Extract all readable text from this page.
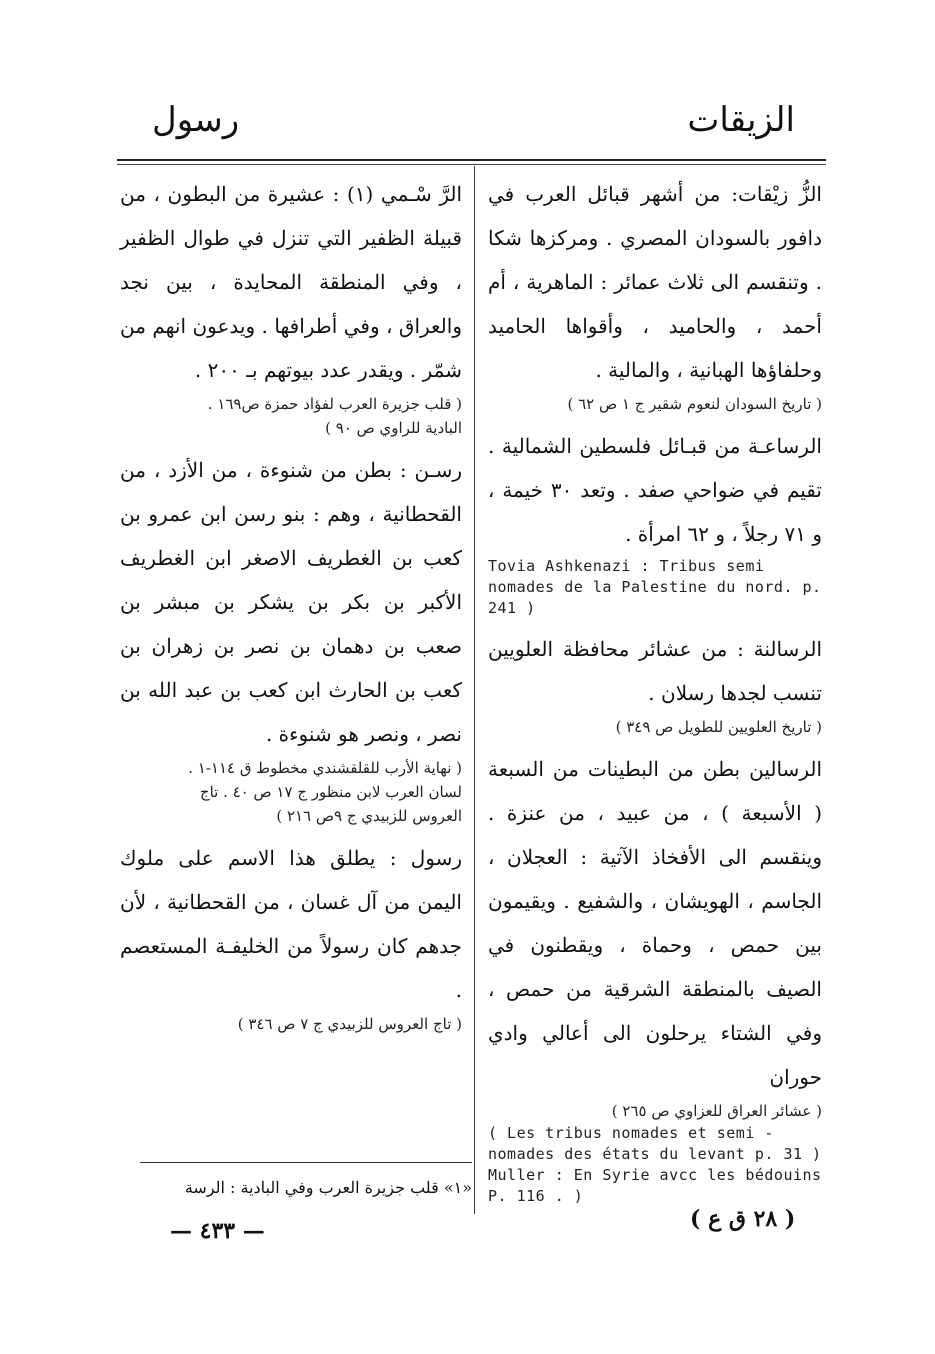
الزيقات
رسول
الزُّ زيْقات: من أشهر قبائل العرب في دافور بالسودان المصري . ومركزها شكا . وتنقسم الى ثلاث عمائر : الماهرية ، أم أحمد ، والحاميد ، وأقواها الحاميد وحلفاؤها الهبانية ، والمالية .
( تاريخ السودان لنعوم شقير ج ١ ص ٦٢ )
الرساعـة من قبـائل فلسطين الشمالية . تقيم في ضواحي صفد . وتعد ٣٠ خيمة ، و ٧١ رجلاً ، و ٦٢ امرأة .
Tovia Ashkenazi : Tribus semi nomades de la Palestine du nord. p. 241 )
الرسالنة : من عشائر محافظة العلويين تنسب لجدها رسلان .
( تاريخ العلويين للطويل ص ٣٤٩ )
الرسالين بطن من البطينات من السبعة ( الأسبعة ) ، من عبيد ، من عنزة . وينقسم الى الأفخاذ الآتية : العجلان ، الجاسم ، الهويشان ، والشفيع . ويقيمون بين حمص ، وحماة ، ويقطنون في الصيف بالمنطقة الشرقية من حمص ، وفي الشتاء يرحلون الى أعالي وادي حوران
( عشائر العراق للعزاوي ص ٢٦٥ )
( Les tribus nomades et semi - nomades des états du levant p. 31 )
Muller : En Syrie avcc les bédouins P. 116 . )
الرَّ سْـمي (١) : عشيرة من البطون ، من قبيلة الظفير التي تنزل في طوال الظفير ، وفي المنطقة المحايدة ، بين نجد والعراق ، وفي أطرافها . ويدعون انهم من شمّر . ويقدر عدد بيوتهم بـ ٢٠٠ .
( قلب جزيرة العرب لفؤاد حمزة ص١٦٩ .
البادية للراوي ص ٩٠ )
رسـن : بطن من شنوءة ، من الأزد ، من القحطانية ، وهم : بنو رسن ابن عمرو بن كعب بن الغطريف الاصغر ابن الغطريف الأكبر بن بكر بن يشكر بن مبشر بن صعب بن دهمان بن نصر بن زهران بن كعب بن الحارث ابن كعب بن عبد الله بن نصر ، ونصر هو شنوءة .
( نهاية الأرب للقلقشندي مخطوط ق ١١٤-١ .
لسان العرب لابن منظور ج ١٧ ص ٤٠ . تاج
العروس للزبيدي ج ٩ص ٢١٦ )
رسول : يطلق هذا الاسم على ملوك اليمن من آل غسان ، من القحطانية ، لأن جدهم كان رسولاً من الخليفـة المستعصم .
( تاج العروس للزبيدي ج ٧ ص ٣٤٦ )
«١» قلب جزيرة العرب وفي البادية : الرسة
( ٢٨ ق ع )
— ٤٣٣ —
